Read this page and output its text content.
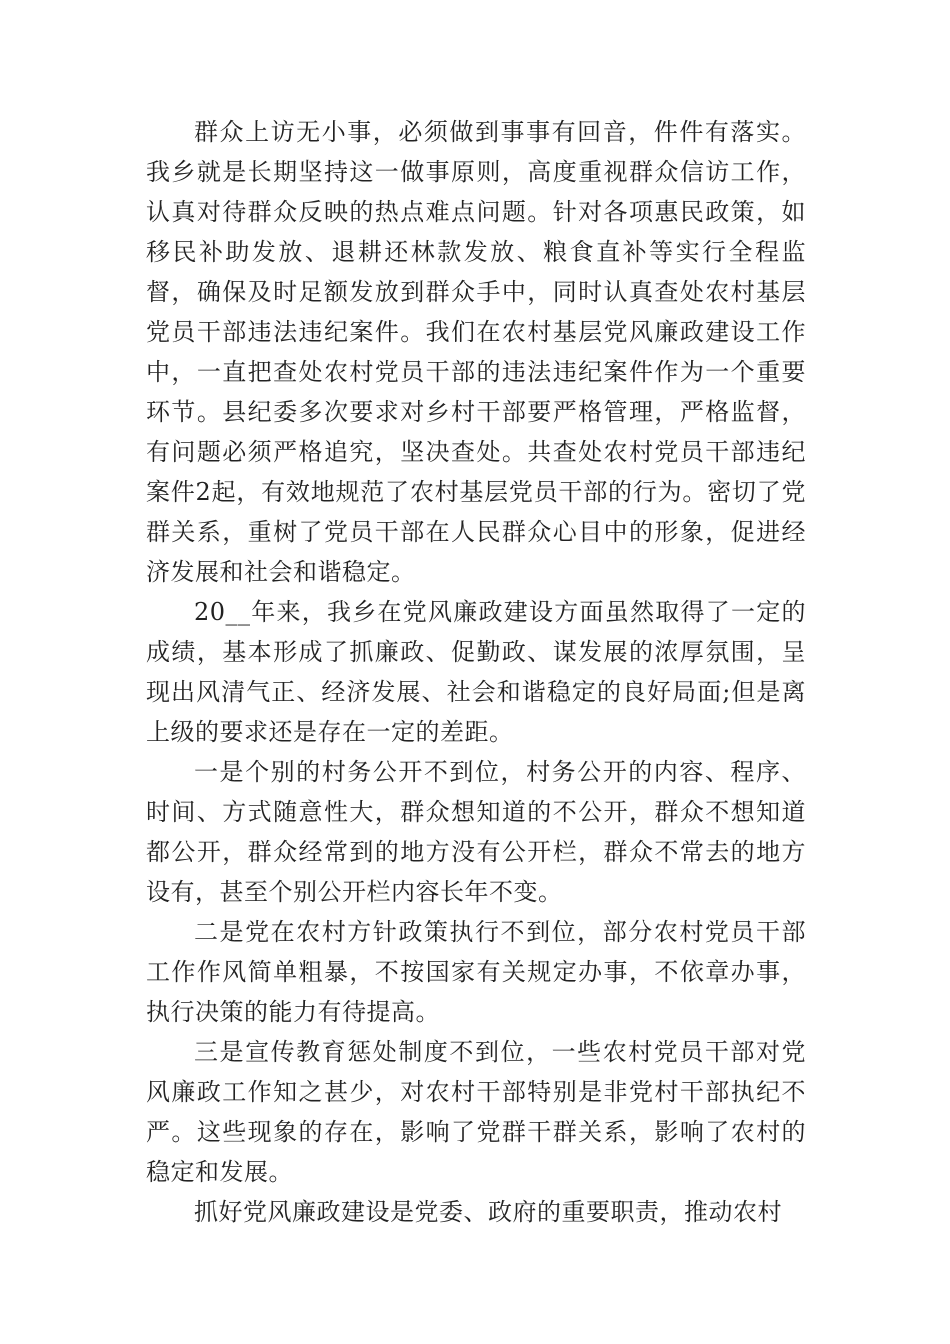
群众上访无小事，必须做到事事有回音，件件有落实。我乡就是长期坚持这一做事原则，高度重视群众信访工作，认真对待群众反映的热点难点问题。针对各项惠民政策，如移民补助发放、退耕还林款发放、粮食直补等实行全程监督，确保及时足额发放到群众手中，同时认真查处农村基层党员干部违法违纪案件。我们在农村基层党风廉政建设工作中，一直把查处农村党员干部的违法违纪案件作为一个重要环节。县纪委多次要求对乡村干部要严格管理，严格监督，有问题必须严格追究，坚决查处。共查处农村党员干部违纪案件2起，有效地规范了农村基层党员干部的行为。密切了党群关系，重树了党员干部在人民群众心目中的形象，促进经济发展和社会和谐稳定。

20__年来，我乡在党风廉政建设方面虽然取得了一定的成绩，基本形成了抓廉政、促勤政、谋发展的浓厚氛围，呈现出风清气正、经济发展、社会和谐稳定的良好局面;但是离上级的要求还是存在一定的差距。

一是个别的村务公开不到位，村务公开的内容、程序、时间、方式随意性大，群众想知道的不公开，群众不想知道都公开，群众经常到的地方没有公开栏，群众不常去的地方设有，甚至个别公开栏内容长年不变。

二是党在农村方针政策执行不到位，部分农村党员干部工作作风简单粗暴，不按国家有关规定办事，不依章办事，执行决策的能力有待提高。

三是宣传教育惩处制度不到位，一些农村党员干部对党风廉政工作知之甚少，对农村干部特别是非党村干部执纪不严。这些现象的存在，影响了党群干群关系，影响了农村的稳定和发展。

抓好党风廉政建设是党委、政府的重要职责，推动农村
